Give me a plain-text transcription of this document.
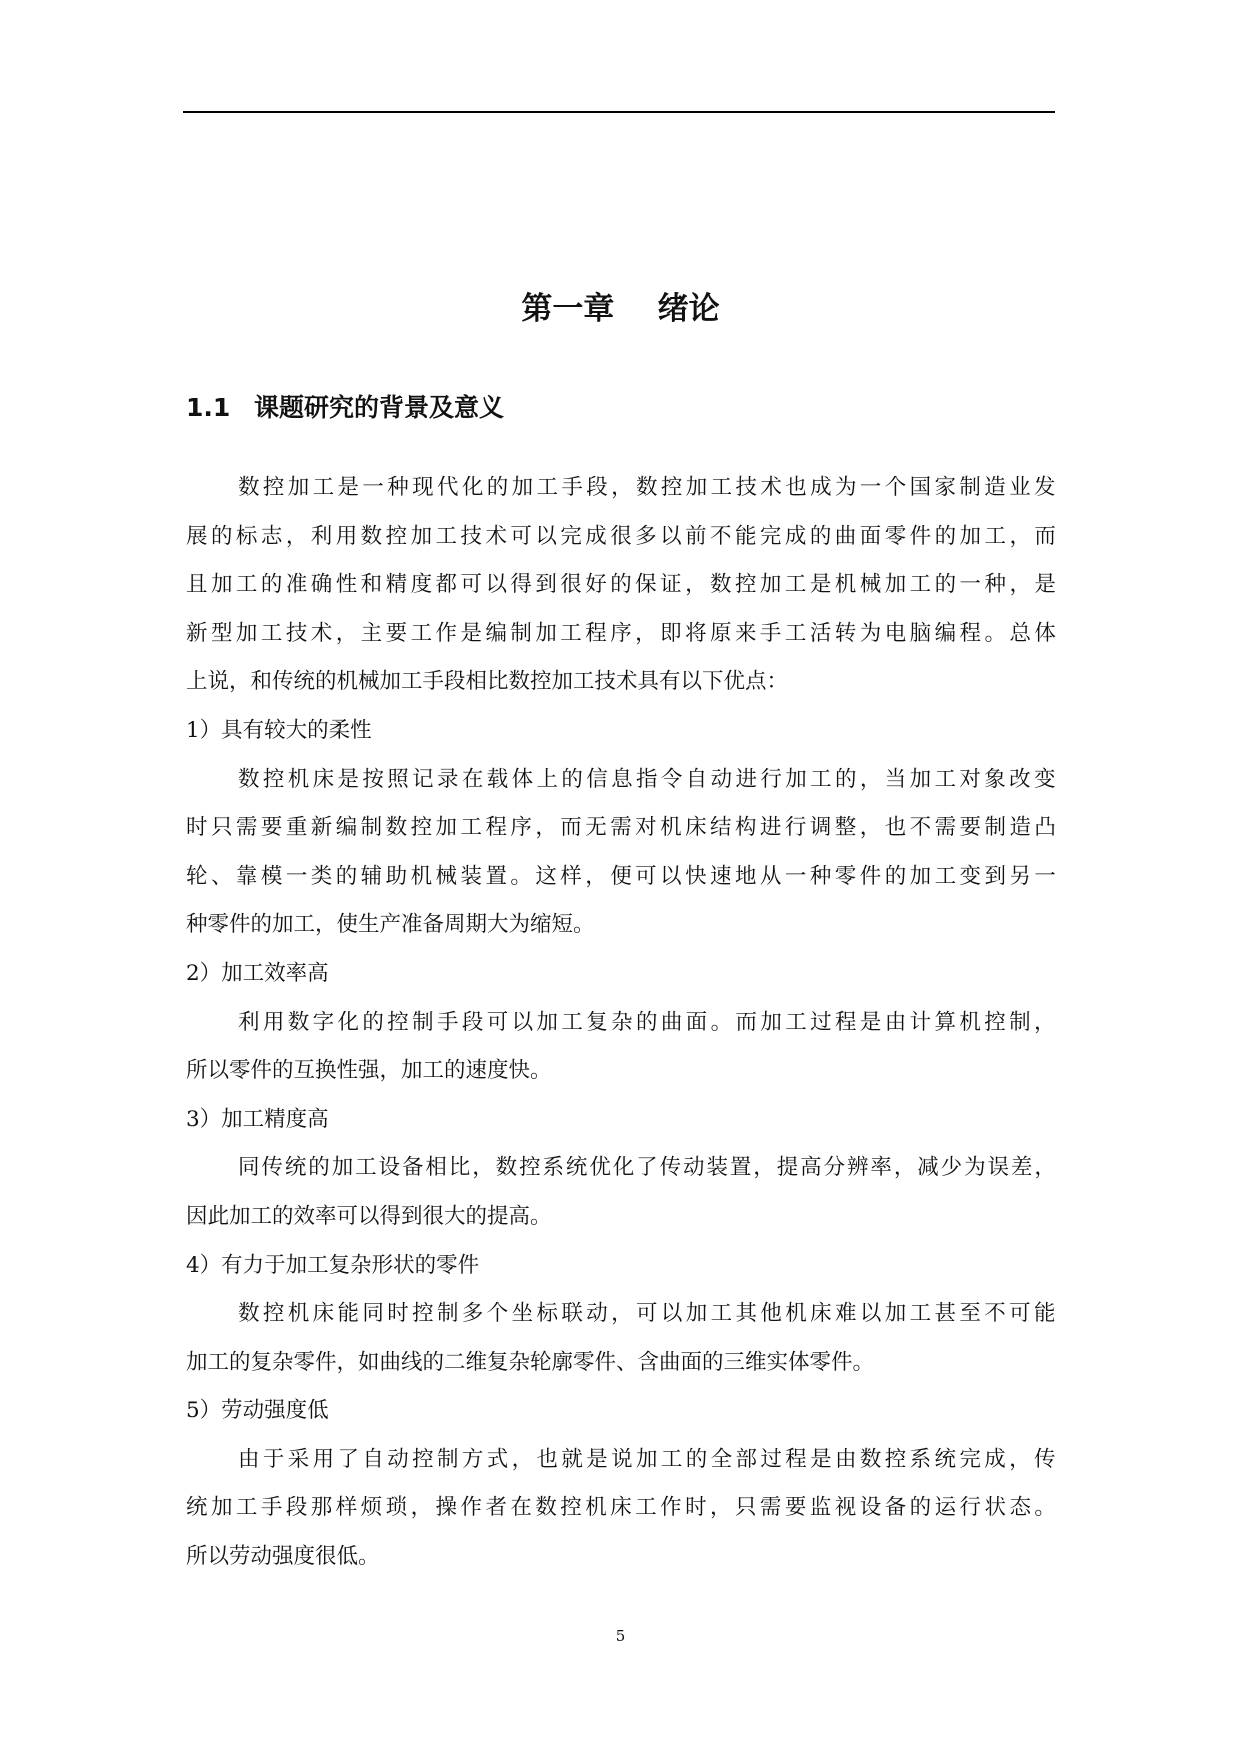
第一章    绪论
1.1 课题研究的背景及意义
数 控 加 工 是 一 种 现 代 化 的 加 工 手 段 ， 数 控 加 工 技 术 也 成 为 一 个 国 家 制 造 业 发
展 的 标 志 ， 利 用 数 控 加 工 技 术 可 以 完 成 很 多 以 前 不 能 完 成 的 曲 面 零 件 的 加 工 ， 而
且 加 工 的 准 确 性 和 精 度 都 可 以 得 到 很 好 的 保 证 ， 数 控 加 工 是 机 械 加 工 的 一 种 ， 是
新 型 加 工 技 术 ， 主 要 工 作 是 编 制 加 工 程 序 ， 即 将 原 来 手 工 活 转 为 电 脑 编 程 。 总 体
上说，和传统的机械加工手段相比数控加工技术具有以下优点：
1）具有较大的柔性
数 控 机 床 是 按 照 记 录 在 载 体 上 的 信 息 指 令 自 动 进 行 加 工 的 ， 当 加 工 对 象 改 变
时 只 需 要 重 新 编 制 数 控 加 工 程 序 ， 而 无 需 对 机 床 结 构 进 行 调 整 ， 也 不 需 要 制 造 凸
轮 、 靠 模 一 类 的 辅 助 机 械 装 置 。 这 样 ， 便 可 以 快 速 地 从 一 种 零 件 的 加 工 变 到 另 一
种零件的加工，使生产准备周期大为缩短。
2）加工效率高
利 用 数 字 化 的 控 制 手 段 可 以 加 工 复 杂 的 曲 面 。 而 加 工 过 程 是 由 计 算 机 控 制 ，
所以零件的互换性强，加工的速度快。
3）加工精度高
同 传 统 的 加 工 设 备 相 比 ， 数 控 系 统 优 化 了 传 动 装 置 ， 提 高 分 辨 率 ， 减 少 为 误 差 ，
因此加工的效率可以得到很大的提高。
4）有力于加工复杂形状的零件
数 控 机 床 能 同 时 控 制 多 个 坐 标 联 动 ， 可 以 加 工 其 他 机 床 难 以 加 工 甚 至 不 可 能
加工的复杂零件，如曲线的二维复杂轮廓零件、含曲面的三维实体零件。
5）劳动强度低
由 于 采 用 了 自 动 控 制 方 式 ， 也 就 是 说 加 工 的 全 部 过 程 是 由 数 控 系 统 完 成 ， 传
统 加 工 手 段 那 样 烦 琐 ， 操 作 者 在 数 控 机 床 工 作 时 ， 只 需 要 监 视 设 备 的 运 行 状 态 。
所以劳动强度很低。
5
